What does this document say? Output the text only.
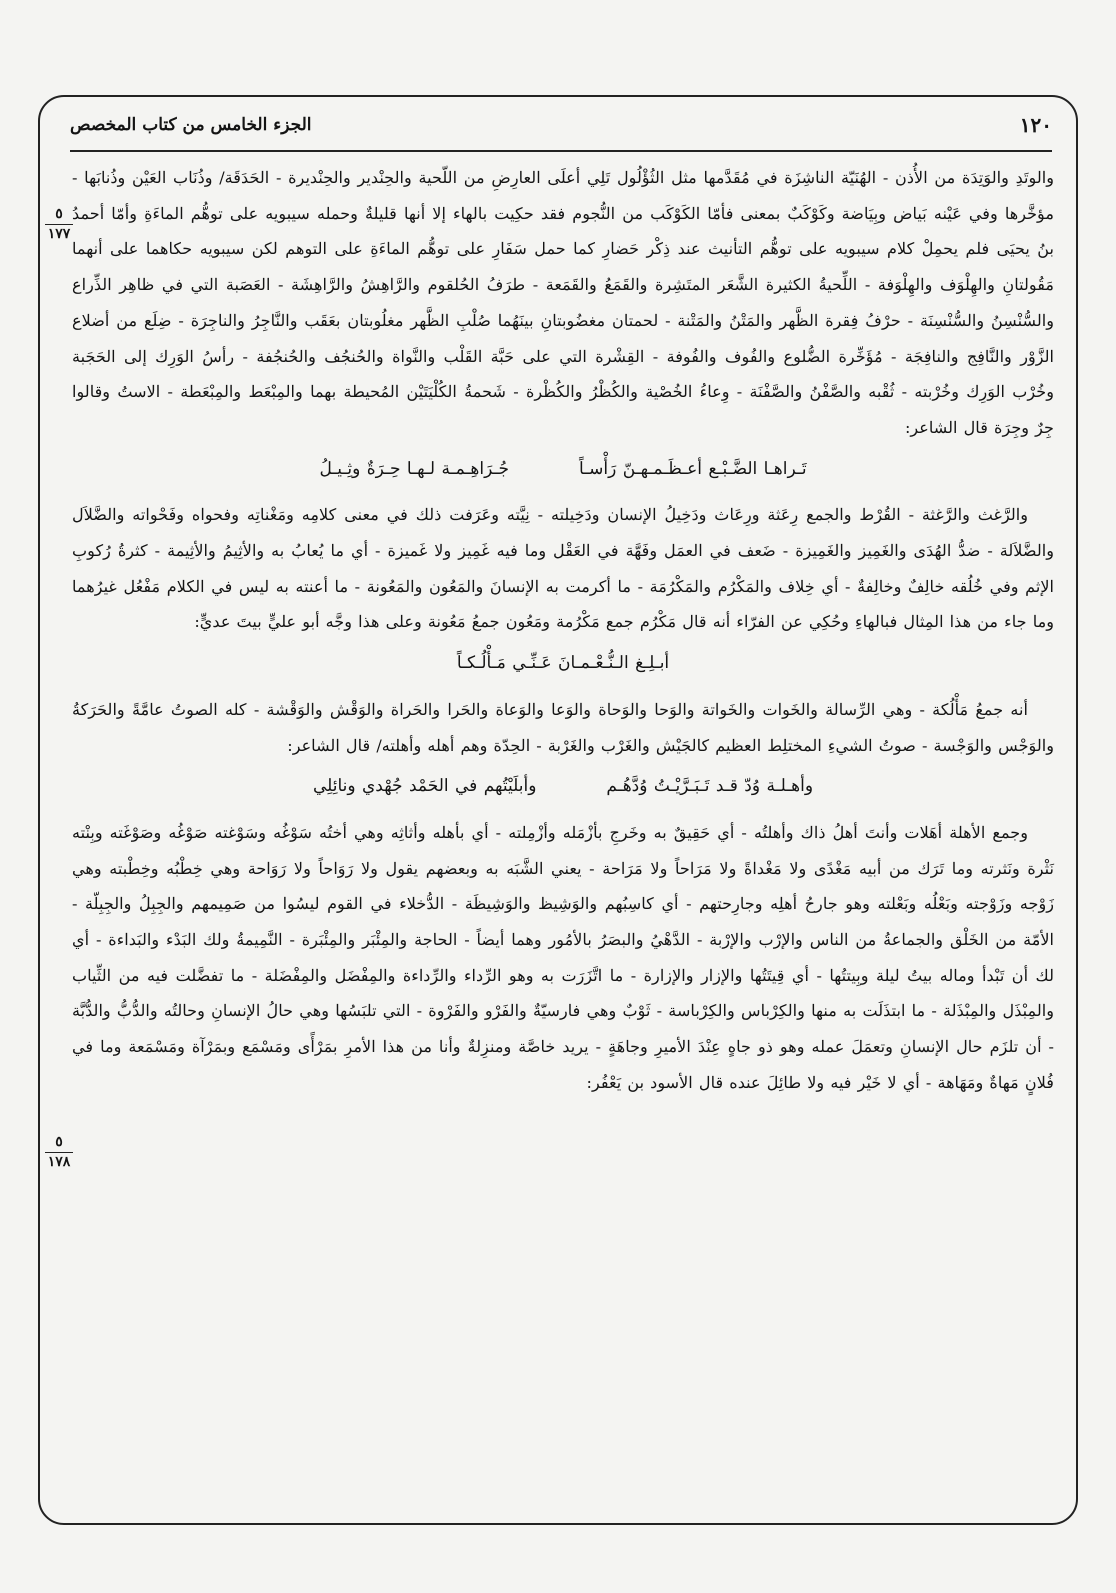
١٢٠
الجزء الخامس من كتاب المخصص
٥
١٧٧
٥
١٧٨

والوتَدِ والوَتِدَة من الأُذن - الهُنَيّة الناشِزَة في مُقَدَّمها مثل الثُؤْلُول تَلِي أعلَى العارِضِ من اللّحية والحِنْدير والحِنْديرة - الحَدَقَة/ وذُنَاب العَيْن وذُنابَها - مؤخَّرها وفي عَيْنه بَياض وبِيَاضة وكَوْكَبٌ بمعنى فأمّا الكَوْكَب من النُّجوم فقد حكِيت بالهاء إلا أنها قليلةٌ وحمله سيبويه على توهُّم الماءَةِ وأمّا أحمدُ بنُ يحيَى فلم يحمِلْ كلام سيبويه على توهُّم التأنيث عند ذِكْر حَضارِ كما حمل سَفَارِ على توهُّم الماءَةِ على التوهم لكن سيبويه حكاهما على أنهما مَقُولتانِ والهِلْوَف والهِلْوَفة - اللِّحيةُ الكثيرة الشَّعَر المتَشِرة والقَمَعُ والقَمَعة - طرَفُ الحُلقوم والرَّاهِشُ والرَّاهِشَة - العَصَبة التي في ظاهِر الذِّراع والسُّنْسِنُ والسُّنْسِنَة - حرْفُ فِقرة الظَّهر والمَتْنُ والمَتْنة - لحمتان مغضُوبتانِ بينَهُما صُلْبِ الظَّهر مغلُوبتان بعَقَب والنَّاجِرُ والناجِرَة - ضِلَع من أضلاع الزَّوْر والنَّافِج والنافِجَة - مُؤَخِّرة الضُّلوع والفُوف والفُوفة - القِشْرة التي على حَبَّة القَلْب والنَّواة والحُنجُف والحُنجُفة - رأسُ الوَرِك إلى الحَجَبة وخُرْب الوَرِك وخُرْبته - ثُقْبه والصَّفْنُ والصَّفْنَة - وِعاءُ الخُصْية والكُظْرُ والكُظْرة - شَحمةُ الكُلْيَتَيْن المُحيطة بهما والمِبْعَط والمِبْعَطة - الاستُ وقالوا جِرٌ وجِرَة قال الشاعر:

تَـراهـا الضَّـبْـع أعـظَـمـهـنّ رَأْسـاً
جُـرَاهِـمـة لـهـا حِـرَةٌ وثِـيـلُ

والرَّغث والرَّغثة - القُرْط والجمع رِعَثة ورِعَاث ودَخِيلُ الإنسان ودَخِيلته - نِيَّته وعَرَفت ذلك في معنى كلامِه ومَغْناتِه وفحواه وفَحْواته والضَّلاَل والضَّلاَلة - ضدُّ الهُدَى والغَمِيز والغَمِيزة - ضَعف في العمَل وفَهَّة في العَقْل وما فيه غَمِيز ولا غَميزة - أي ما يُعابُ به والأثِيمُ والأثِيمة - كثرةُ رُكوبِ الإثم وفي خُلُقه خالِفٌ وخالِفةٌ - أي خِلاف والمَكْرُم والمَكْرُمَة - ما أكرمت به الإنسانَ والمَعُون والمَعُونة - ما أعنته به ليس في الكلام مَفْعُل غيرُهما وما جاء من هذا المِثال فبالهاءِ وحُكِي عن الفرّاء أنه قال مَكْرُم جمع مَكْرُمة ومَعُون جمعُ مَعُونة وعلى هذا وجَّه أبو عليٍّ بيتَ عديٍّ:

أبـلِـغ الـنُّـعْـمـانَ عَـنِّـي مَـأْلُـكـاً

أنه جمعُ مَأْلُكة - وهي الرِّسالة والخَوات والخَواتة والوَحا والوَحاة والوَعا والوَعاة والحَرا والحَراة والوَقْش والوَقْشة - كله الصوتُ عامَّةً والحَرَكةُ والوَجْس والوَجْسة - صوتُ الشيءِ المختلِط العظيم كالجَيْش والغَرْب والغَرْبة - الحِدّة وهم أهله وأهلته/ قال الشاعر:

وأهـلـة وُدّ قـد تَـبَـرَّيْـتُ وُدَّهُـم
وأبلَيْتُهم في الحَمْد جُهْدي ونائِلِي

وجمع الأهلة أهَلات وأنتَ أهلُ ذاك وأهلتُه - أي حَقِيقٌ به وخَرجِ بأزْمَله وأزْمِلته - أي بأهله وأثاثِه وهي أختُه سَوْغُه وسَوْغته صَوْغُه وصَوْغَته وبِنْته نَثْرة ونَثرته وما تَرَك من أبيه مَغْدًى ولا مَغْداةً ولا مَرَاحاً ولا مَرَاحة - يعني الشَّبَه به وبعضهم يقول ولا رَوَاحاً ولا رَوَاحة وهي خِطْبُه وخِطْبته وهي زَوْجه وزَوْجته وبَعْلُه وبَعْلته وهو جارحُ أهلِه وجارِحتهم - أي كاسِبُهم والوَشِيظ والوَشِيظَة - الدُّخلاء في القوم ليسُوا من صَمِيمهم والجِبِلُ والجِبِلّة - الأمّة من الخَلْق والجماعةُ من الناس والإرْب والإرْبة - الدَّهْيُ والبصَرُ بالأمُور وهما أيضاً - الحاجة والمِئْبَر والمِئْبَرة - النَّمِيمةُ ولك البَدْء والبَداءة - أي لك أن تَبْدأ وماله بيتُ ليلة وبِيتتُها - أي قِيتَتُها والإزار والإزارة - ما اتَّزَرَت به وهو الرِّداء والرِّداءة والمِفْضَل والمِفْضَلة - ما تفضَّلت فيه من الثِّياب والمِبْذَل والمِبْذَلة - ما ابتذَلَت به منها والكِرْباس والكِرْباسة - ثَوْبٌ وهي فارسيّةٌ والفَرْو والفَرْوة - التي تلبَسُها وهي حالُ الإنسانِ وحالتُه والدُّبُّ والدُّبَّة - أن تلزَم حال الإنسانِ وتعمَلَ عمله وهو ذو جاهٍ عِنْدَ الأميرِ وجاهَةٍ - يريد خاصَّة ومنزِلةٌ وأنا من هذا الأمرِ بمَرْأًى ومَسْمَع وبمَرْآة ومَسْمَعة وما في فُلانٍ مَهاةٌ ومَهَاهة - أي لا خَيْر فيه ولا طائِلَ عنده قال الأسود بن يَعْفُر:
